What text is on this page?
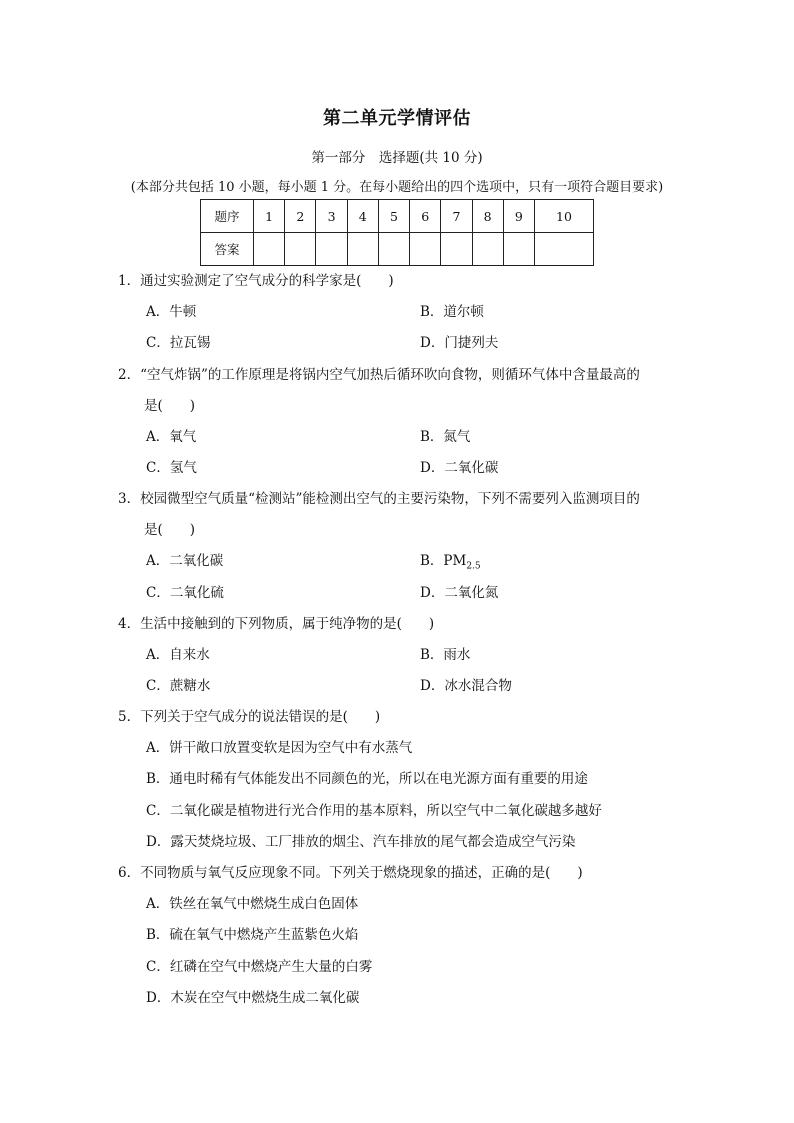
第二单元学情评估
第一部分　选择题(共 10 分)
(本部分共包括 10 小题，每小题 1 分。在每小题给出的四个选项中，只有一项符合题目要求)
题序	1	2	3	4	5	6	7	8	9	10
答案										
1．通过实验测定了空气成分的科学家是(　　)
A．牛顿	B．道尔顿
C．拉瓦锡	D．门捷列夫
2．“空气炸锅”的工作原理是将锅内空气加热后循环吹向食物，则循环气体中含量最高的
是(　　)
A．氧气	B．氮气
C．氢气	D．二氧化碳
3．校园微型空气质量“检测站”能检测出空气的主要污染物，下列不需要列入监测项目的
是(　　)
A．二氧化碳	B．$PM_{2.5}$
C．二氧化硫	D．二氧化氮
4．生活中接触到的下列物质，属于纯净物的是(　　)
A．自来水	B．雨水
C．蔗糖水	D．冰水混合物
5．下列关于空气成分的说法错误的是(　　)
A．饼干敞口放置变软是因为空气中有水蒸气
B．通电时稀有气体能发出不同颜色的光，所以在电光源方面有重要的用途
C．二氧化碳是植物进行光合作用的基本原料，所以空气中二氧化碳越多越好
D．露天焚烧垃圾、工厂排放的烟尘、汽车排放的尾气都会造成空气污染
6．不同物质与氧气反应现象不同。下列关于燃烧现象的描述，正确的是(　　)
A．铁丝在氧气中燃烧生成白色固体
B．硫在氧气中燃烧产生蓝紫色火焰
C．红磷在空气中燃烧产生大量的白雾
D．木炭在空气中燃烧生成二氧化碳
